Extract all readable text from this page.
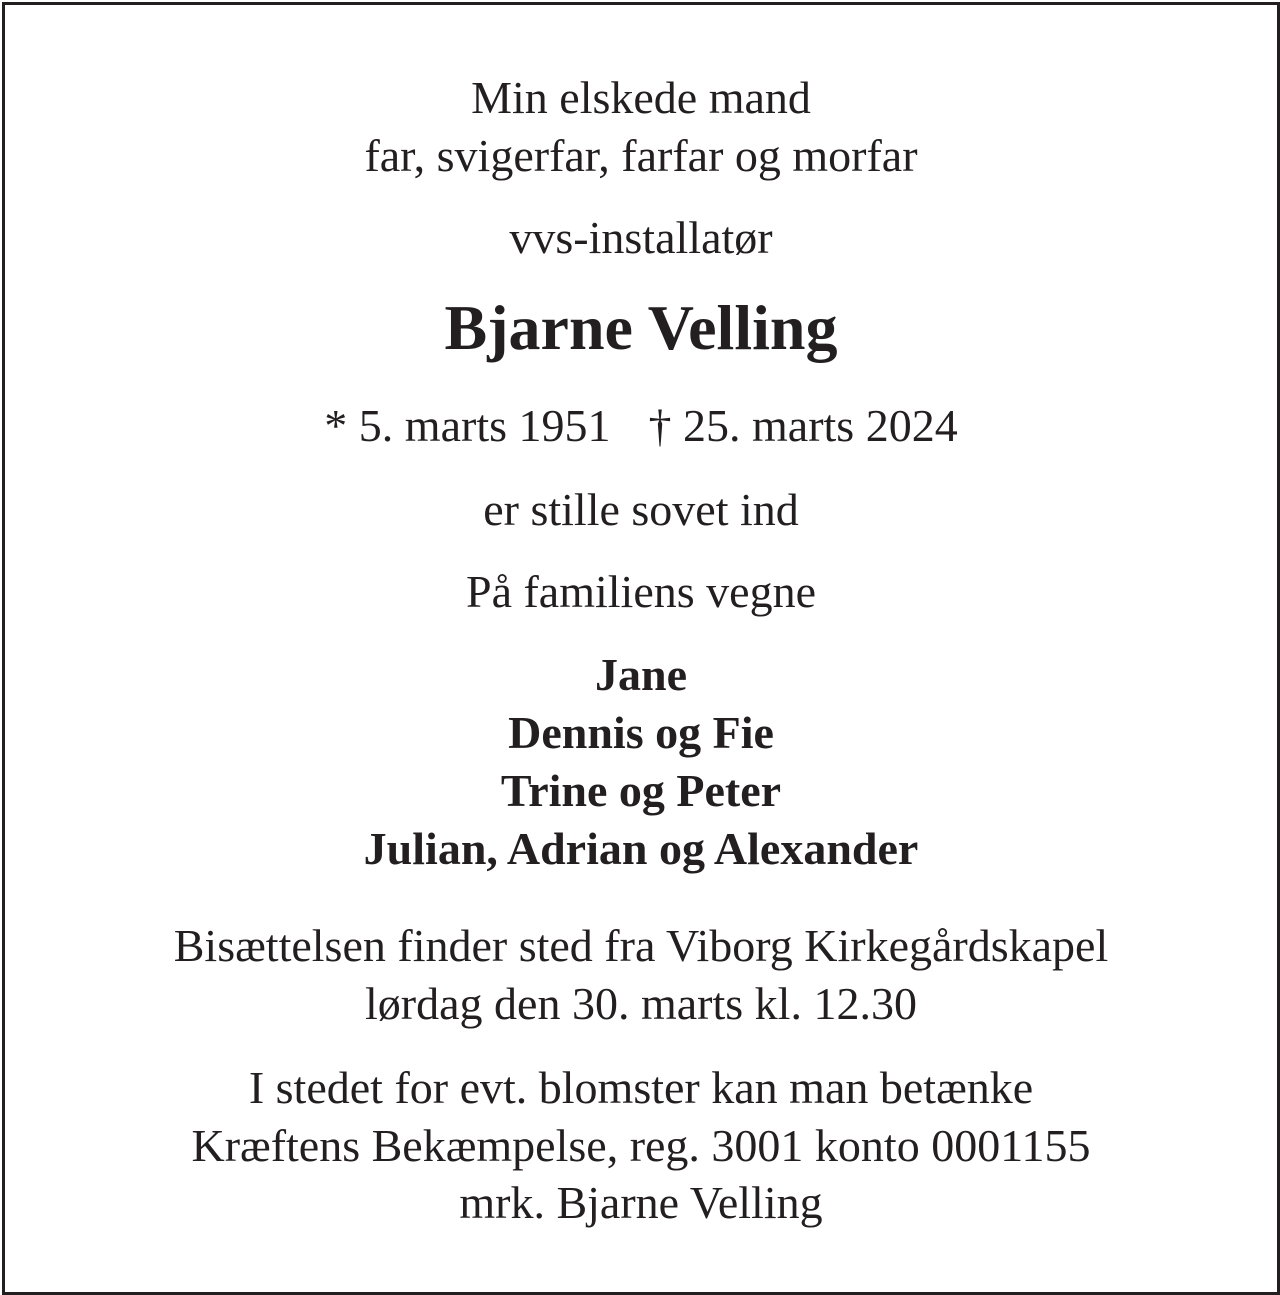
Min elskede mand

far, svigerfar, farfar og morfar

vvs-installatør

Bjarne Velling

* 5. marts 1951 † 25. marts 2024

er stille sovet ind

På familiens vegne

Jane

Dennis og Fie

Trine og Peter

Julian, Adrian og Alexander

Bisættelsen finder sted fra Viborg Kirkegårdskapel

lørdag den 30. marts kl. 12.30

I stedet for evt. blomster kan man betænke

Kræftens Bekæmpelse, reg. 3001 konto 0001155

mrk. Bjarne Velling
